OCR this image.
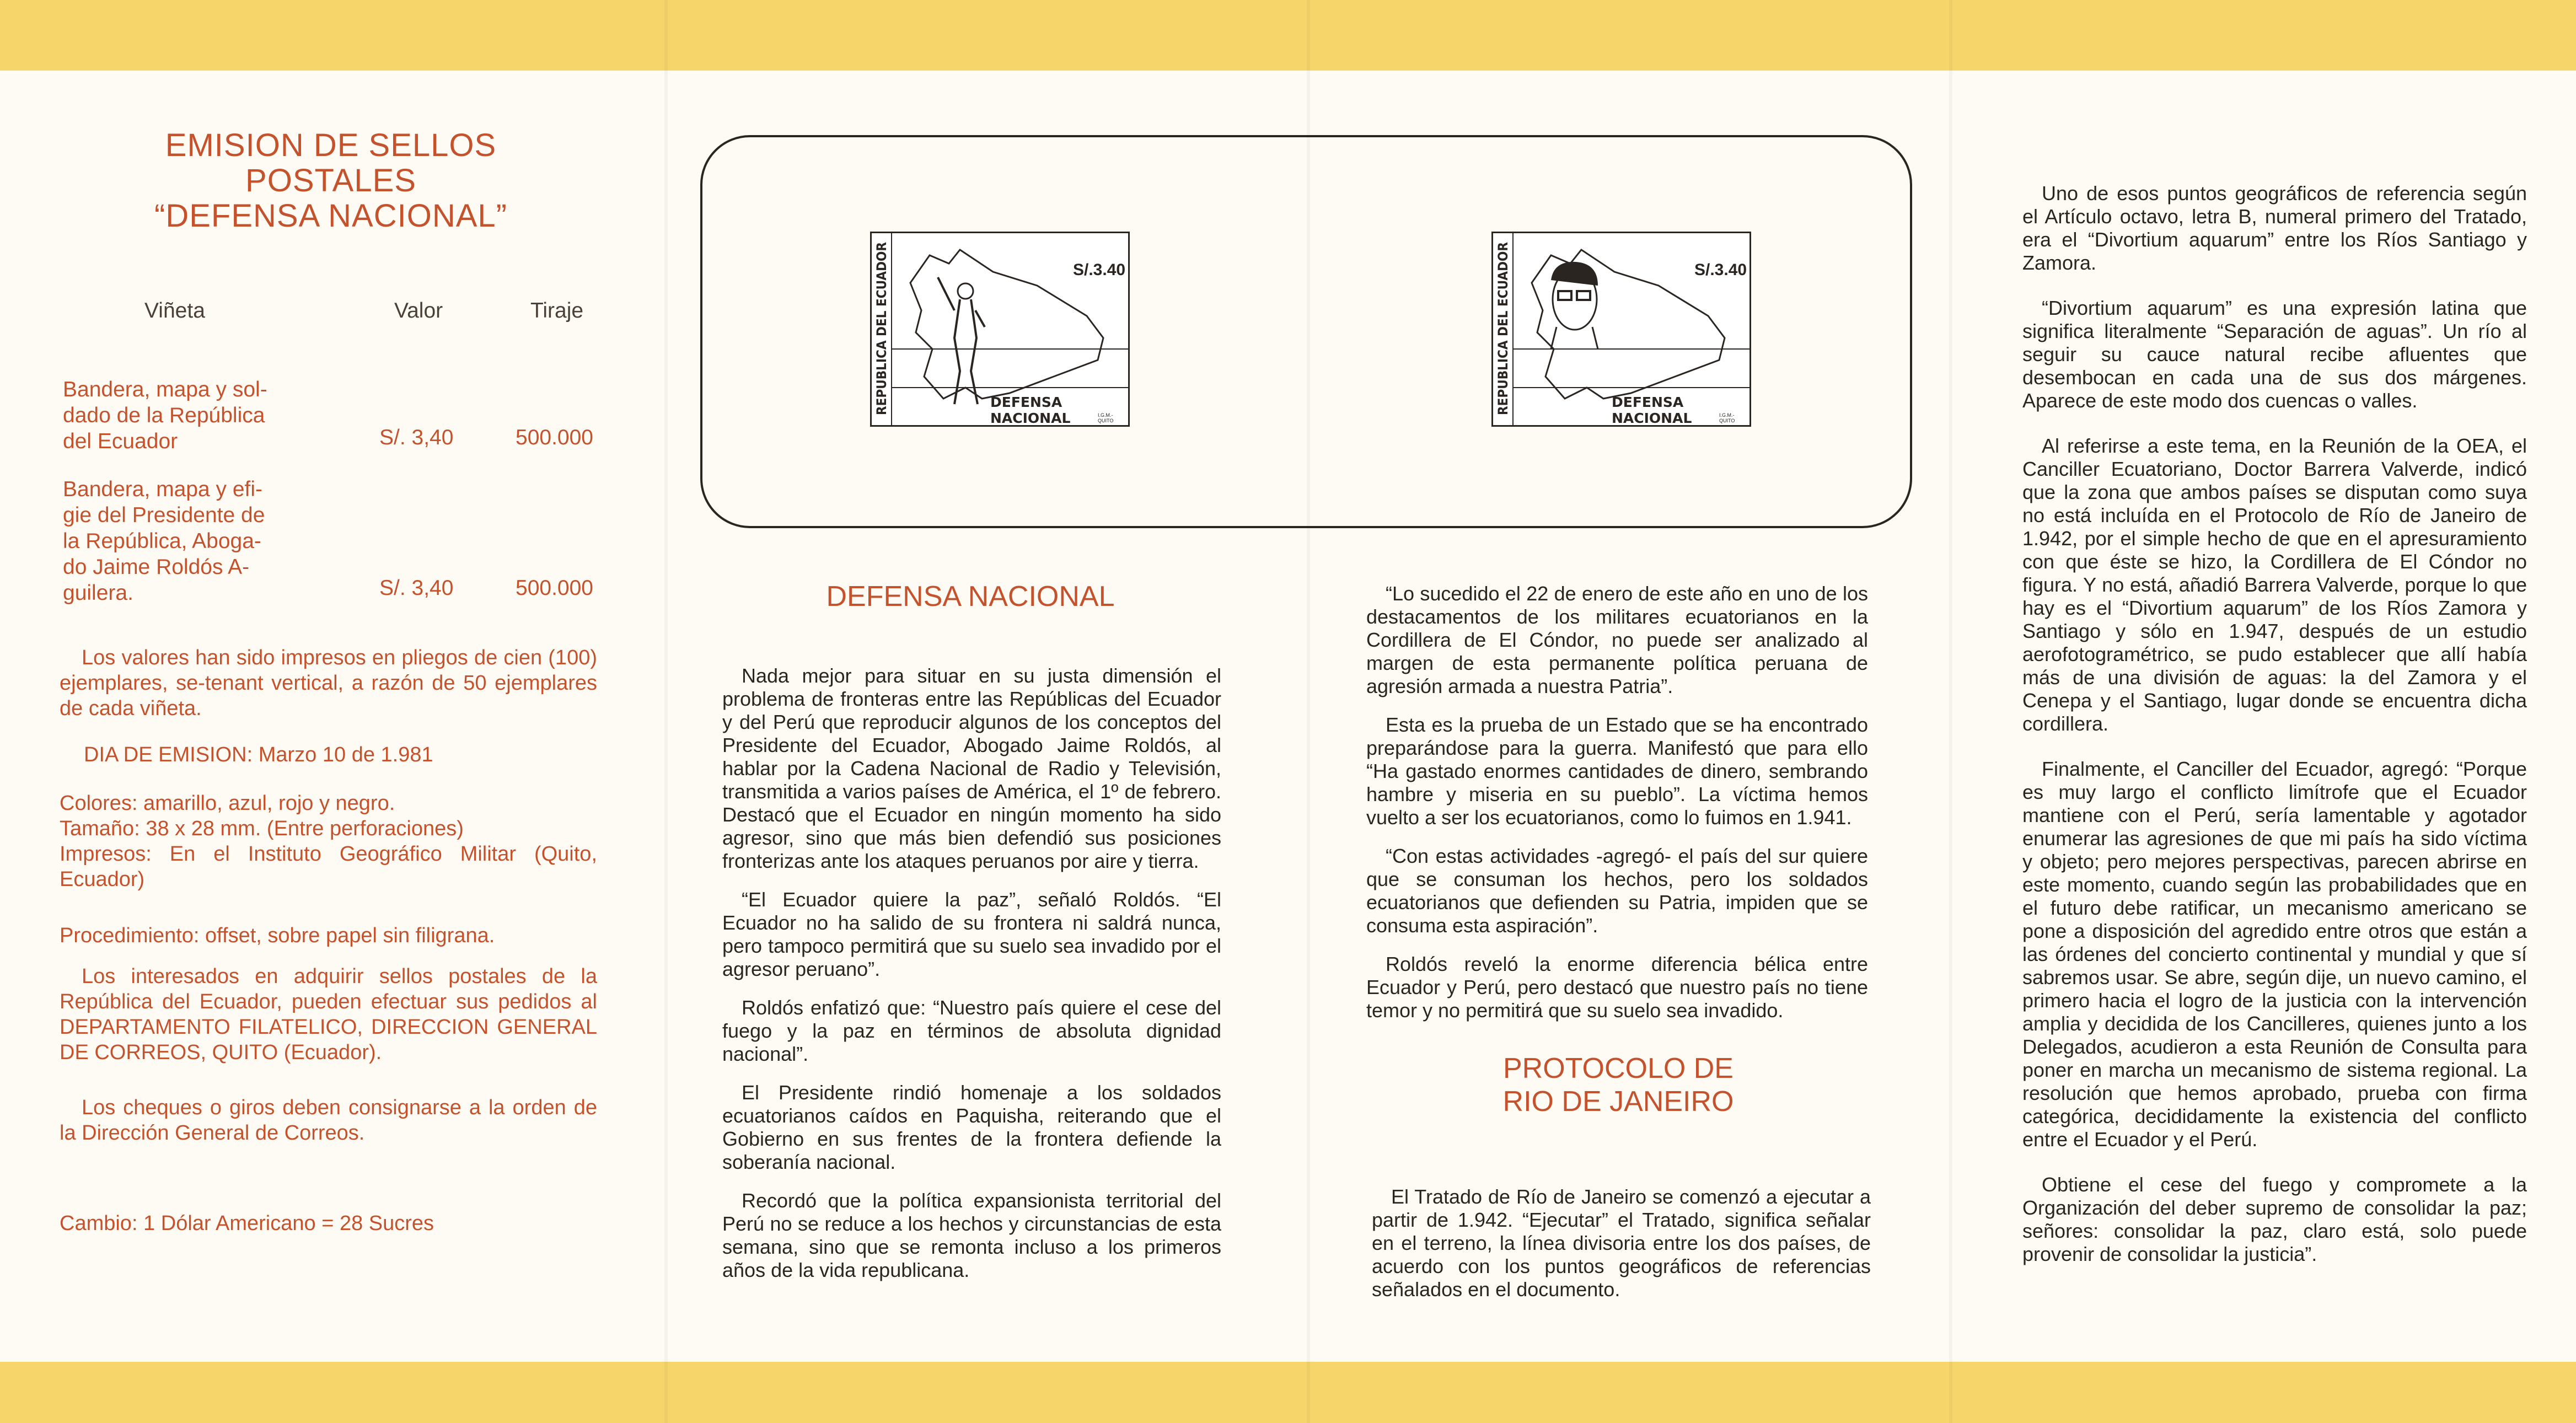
EMISION DE SELLOS
POSTALES
“DEFENSA NACIONAL”
Viñeta	Valor	Tiraje
Bandera, mapa y sol-
dado de la República
del Ecuador	S/. 3,40	500.000
Bandera, mapa y efi-
gie del Presidente de
la República, Aboga-
do Jaime Roldós A-
guilera.	S/. 3,40	500.000

Los valores han sido impresos en pliegos de cien (100) ejemplares, se-tenant vertical, a razón de 50 ejemplares de cada viñeta.

DIA DE EMISION: Marzo 10 de 1.981

Colores: amarillo, azul, rojo y negro.
Tamaño: 38 x 28 mm. (Entre perforaciones)

Impresos: En el Instituto Geográfico Militar (Quito, Ecuador)

Procedimiento: offset, sobre papel sin filigrana.

Los interesados en adquirir sellos postales de la República del Ecuador, pueden efectuar sus pedidos al DEPARTAMENTO FILATELICO, DIRECCION GENERAL DE CORREOS, QUITO (Ecuador).

Los cheques o giros deben consignarse a la orden de la Dirección General de Correos.

Cambio: 1 Dólar Americano = 28 Sucres

REPUBLICA DEL ECUADOR	S/.3.40
DEFENSA NACIONAL	I.G.M.-QUITO
REPUBLICA DEL ECUADOR	S/.3.40
DEFENSA NACIONAL	I.G.M.-QUITO
DEFENSA NACIONAL

Nada mejor para situar en su justa dimensión el problema de fronteras entre las Repúblicas del Ecuador y del Perú que reproducir algunos de los conceptos del Presidente del Ecuador, Abogado Jaime Roldós, al hablar por la Cadena Nacional de Radio y Televisión, transmitida a varios países de América, el 1º de febrero. Destacó que el Ecuador en ningún momento ha sido agresor, sino que más bien defendió sus posiciones fronterizas ante los ataques peruanos por aire y tierra.

“El Ecuador quiere la paz”, señaló Roldós. “El Ecuador no ha salido de su frontera ni saldrá nunca, pero tampoco permitirá que su suelo sea invadido por el agresor peruano”.

Roldós enfatizó que: “Nuestro país quiere el cese del fuego y la paz en términos de absoluta dignidad nacional”.

El Presidente rindió homenaje a los soldados ecuatorianos caídos en Paquisha, reiterando que el Gobierno en sus frentes de la frontera defiende la soberanía nacional.

Recordó que la política expansionista territorial del Perú no se reduce a los hechos y circunstancias de esta semana, sino que se remonta incluso a los primeros años de la vida republicana.

“Lo sucedido el 22 de enero de este año en uno de los destacamentos de los militares ecuatorianos en la Cordillera de El Cóndor, no puede ser analizado al margen de esta permanente política peruana de agresión armada a nuestra Patria”.

Esta es la prueba de un Estado que se ha encontrado preparándose para la guerra. Manifestó que para ello “Ha gastado enormes cantidades de dinero, sembrando hambre y miseria en su pueblo”. La víctima hemos vuelto a ser los ecuatorianos, como lo fuimos en 1.941.

“Con estas actividades -agregó- el país del sur quiere que se consuman los hechos, pero los soldados ecuatorianos que defienden su Patria, impiden que se consuma esta aspiración”.

Roldós reveló la enorme diferencia bélica entre Ecuador y Perú, pero destacó que nuestro país no tiene temor y no permitirá que su suelo sea invadido.

PROTOCOLO DE
RIO DE JANEIRO

El Tratado de Río de Janeiro se comenzó a ejecutar a partir de 1.942. “Ejecutar” el Tratado, significa señalar en el terreno, la línea divisoria entre los dos países, de acuerdo con los puntos geográficos de referencias señalados en el documento.

Uno de esos puntos geográficos de referencia según el Artículo octavo, letra B, numeral primero del Tratado, era el “Divortium aquarum” entre los Ríos Santiago y Zamora.

“Divortium aquarum” es una expresión latina que significa literalmente “Separación de aguas”. Un río al seguir su cauce natural recibe afluentes que desembocan en cada una de sus dos márgenes. Aparece de este modo dos cuencas o valles.

Al referirse a este tema, en la Reunión de la OEA, el Canciller Ecuatoriano, Doctor Barrera Valverde, indicó que la zona que ambos países se disputan como suya no está incluída en el Protocolo de Río de Janeiro de 1.942, por el simple hecho de que en el apresuramiento con que éste se hizo, la Cordillera de El Cóndor no figura. Y no está, añadió Barrera Valverde, porque lo que hay es el “Divortium aquarum” de los Ríos Zamora y Santiago y sólo en 1.947, después de un estudio aerofotogramétrico, se pudo establecer que allí había más de una división de aguas: la del Zamora y el Cenepa y el Santiago, lugar donde se encuentra dicha cordillera.

Finalmente, el Canciller del Ecuador, agregó: “Porque es muy largo el conflicto limítrofe que el Ecuador mantiene con el Perú, sería lamentable y agotador enumerar las agresiones de que mi país ha sido víctima y objeto; pero mejores perspectivas, parecen abrirse en este momento, cuando según las probabilidades que en el futuro debe ratificar, un mecanismo americano se pone a disposición del agredido entre otros que están a las órdenes del concierto continental y mundial y que sí sabremos usar. Se abre, según dije, un nuevo camino, el primero hacia el logro de la justicia con la intervención amplia y decidida de los Cancilleres, quienes junto a los Delegados, acudieron a esta Reunión de Consulta para poner en marcha un mecanismo de sistema regional. La resolución que hemos aprobado, prueba con firma categórica, decididamente la existencia del conflicto entre el Ecuador y el Perú.

Obtiene el cese del fuego y compromete a la Organización del deber supremo de consolidar la paz; señores: consolidar la paz, claro está, solo puede provenir de consolidar la justicia”.
